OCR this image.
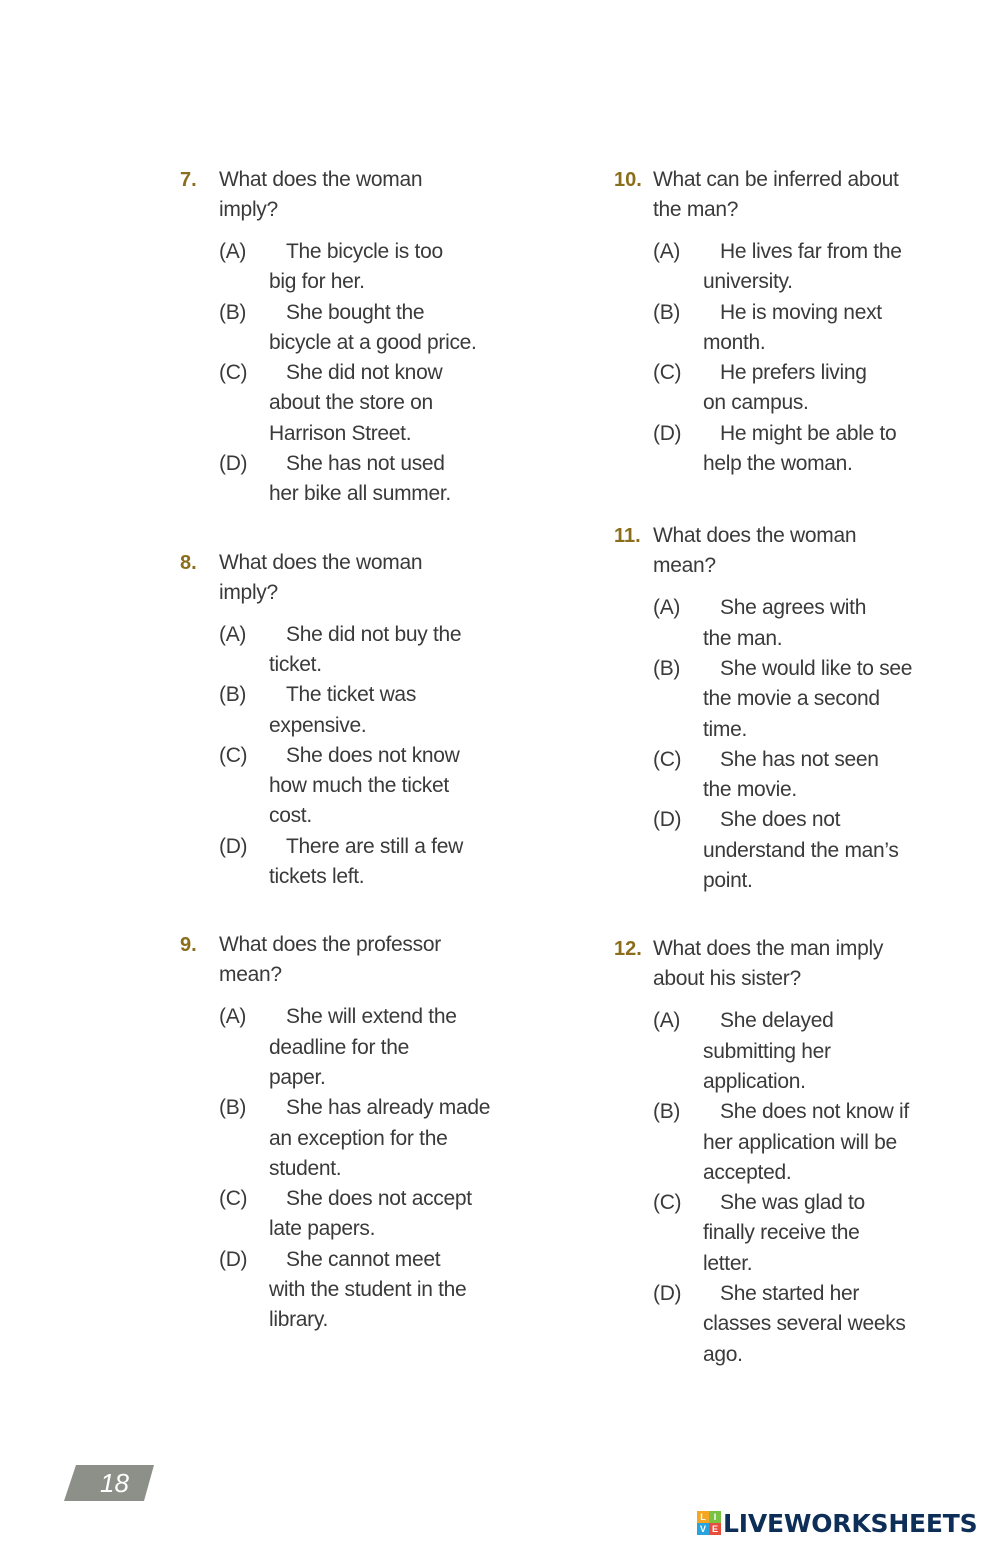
7. What does the woman imply?
(A)	The bicycle is too big for her.
(B)	She bought the bicycle at a good price.
(C)	She did not know about the store on Harrison Street.
(D)	She has not used her bike all summer.
8. What does the woman imply?
(A)	She did not buy the ticket.
(B)	The ticket was expensive.
(C)	She does not know how much the ticket cost.
(D)	There are still a few tickets left.
9. What does the professor mean?
(A)	She will extend the deadline for the paper.
(B)	She has already made an exception for the student.
(C)	She does not accept late papers.
(D)	She cannot meet with the student in the library.
10. What can be inferred about the man?
(A)	He lives far from the university.
(B)	He is moving next month.
(C)	He prefers living on campus.
(D)	He might be able to help the woman.
11. What does the woman mean?
(A)	She agrees with the man.
(B)	She would like to see the movie a second time.
(C)	She has not seen the movie.
(D)	She does not understand the man’s point.
12. What does the man imply about his sister?
(A)	She delayed submitting her application.
(B)	She does not know if her application will be accepted.
(C)	She was glad to finally receive the letter.
(D)	She started her classes several weeks ago.
18
L I
V E LIVEWORKSHEETS
